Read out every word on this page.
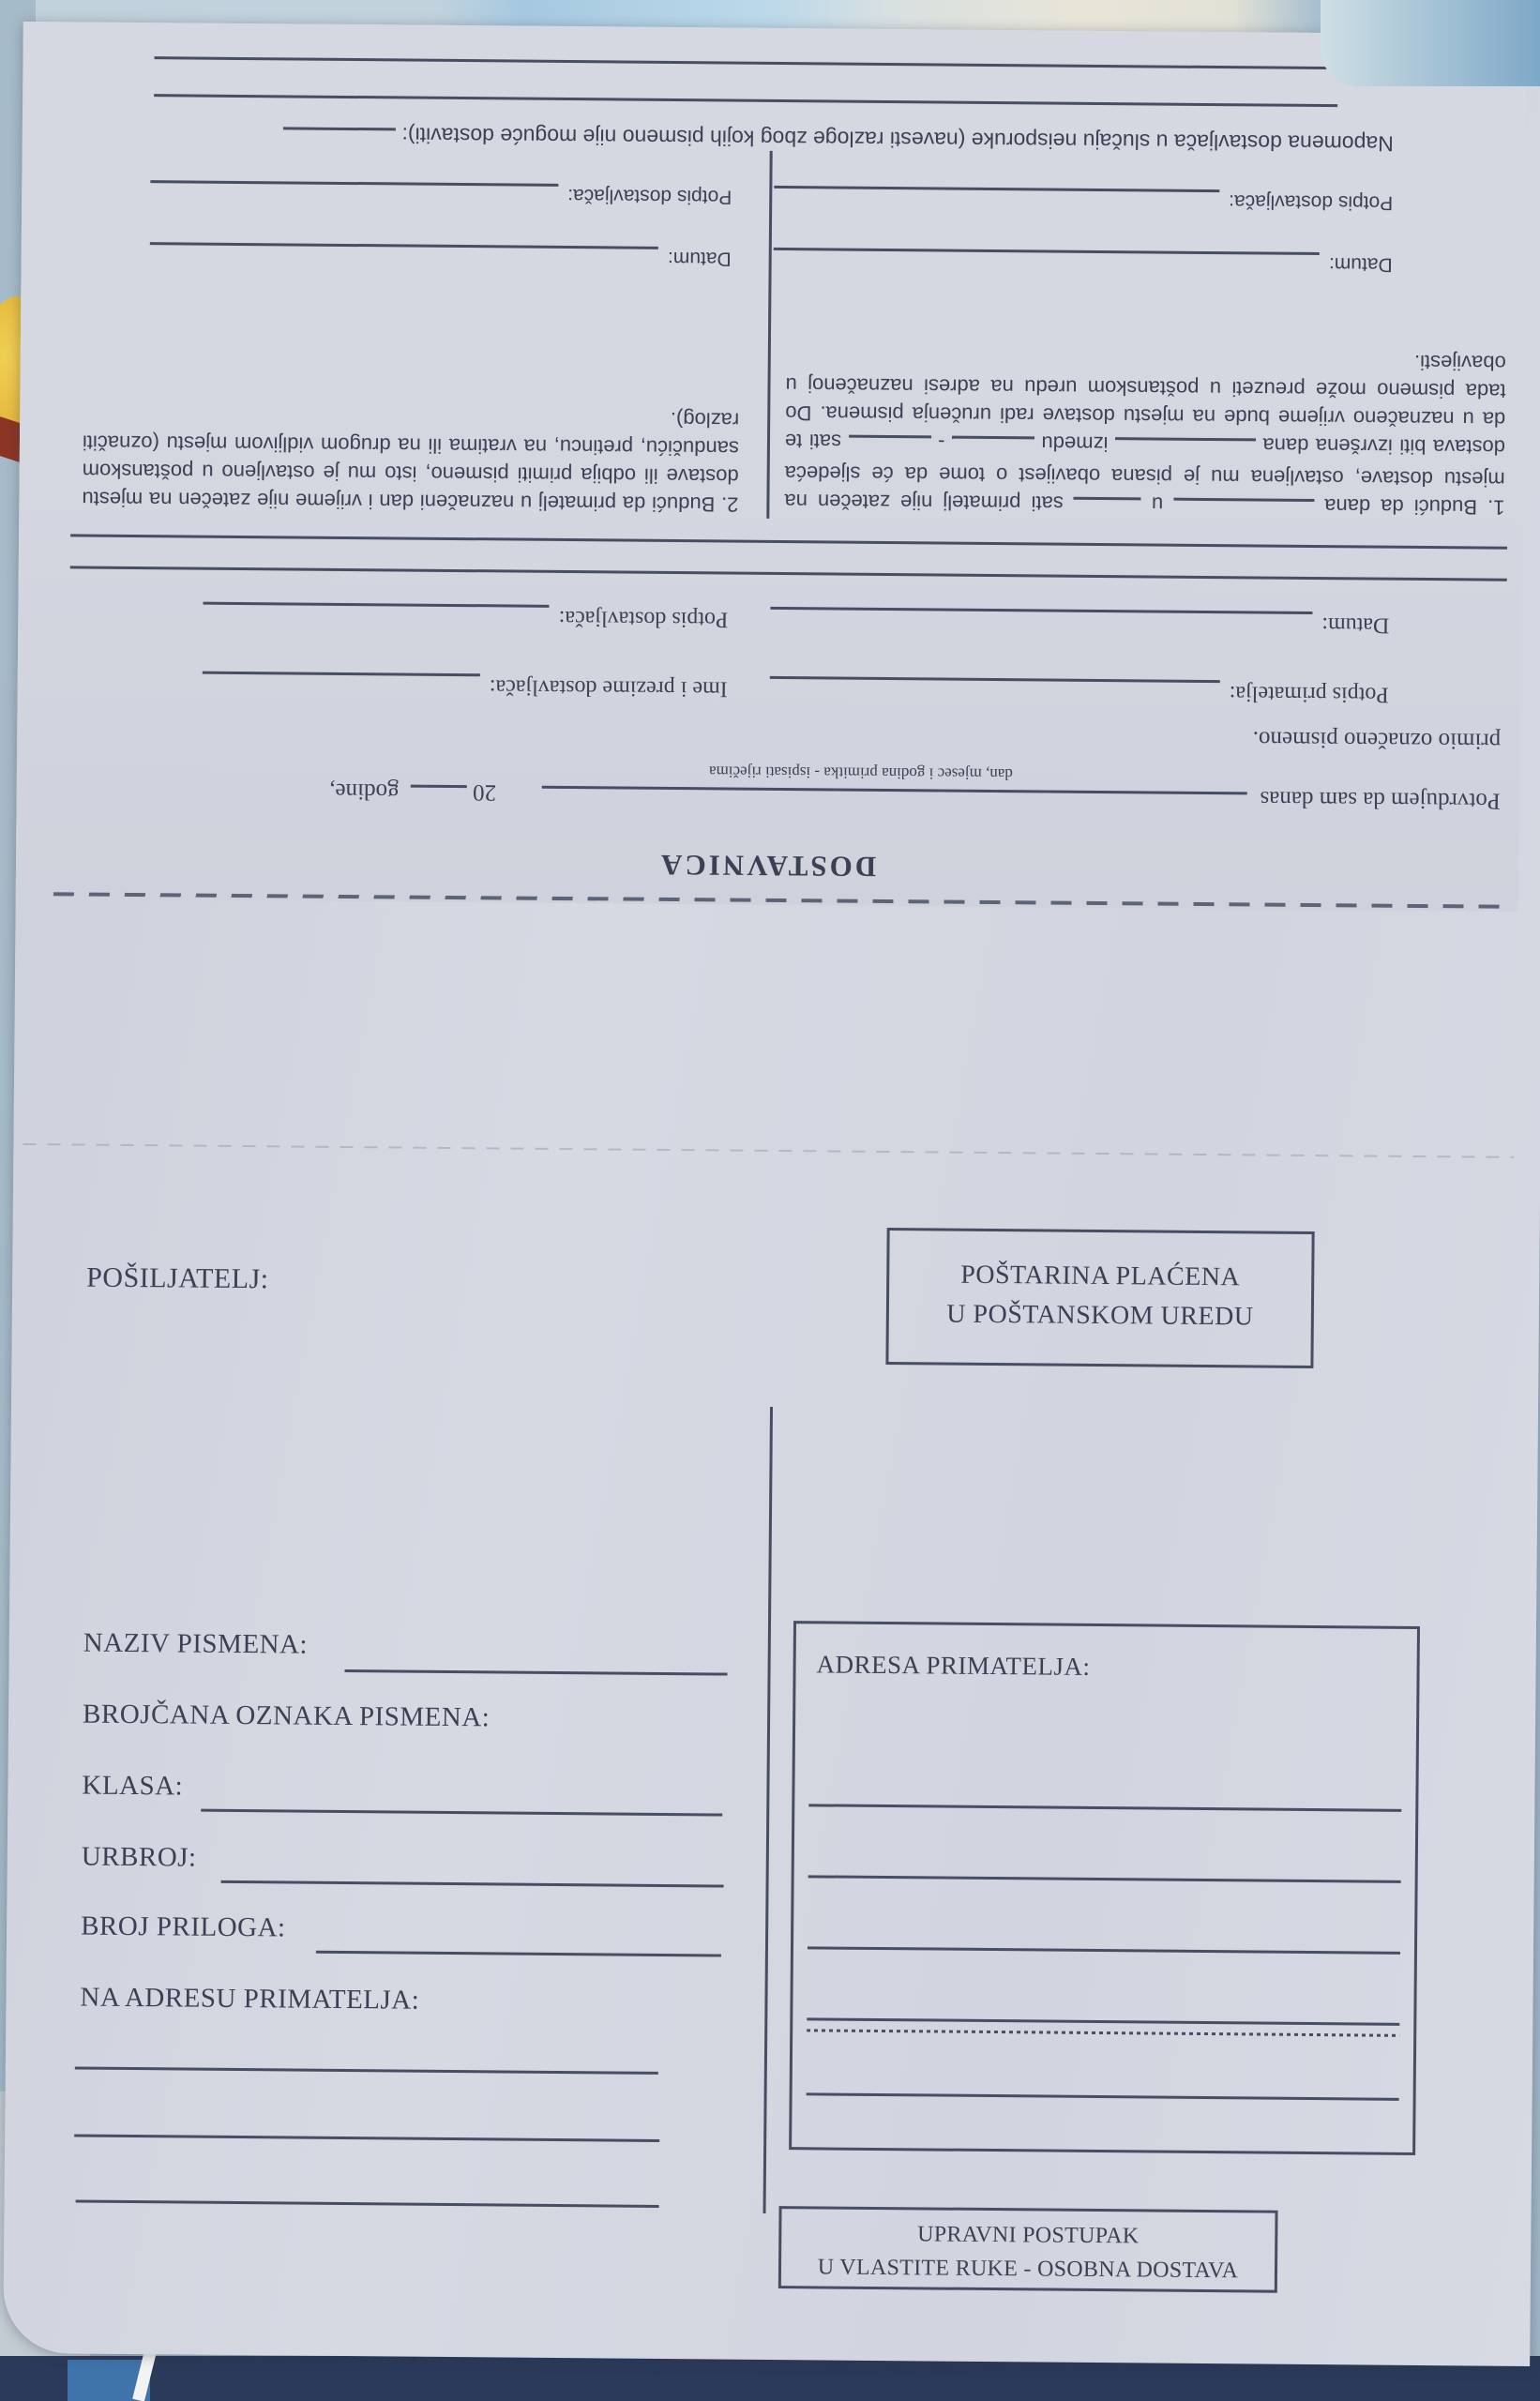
DOSTAVNICA
Potvrdujem da sam danas  20  godine,
dan, mjesec i godina primitka - ispisati riječima
primio označeno pismeno.
Potpis primatelja:
Ime i prezime dostavljača:
Datum:
Potpis dostavljača:
1. Budući da dana  u  sati primatelj nije zatečen na mjestu dostave, ostavljena mu je pisana obavijest o tome da će sljedeća dostava biti izvršena dana  izmedu  -  sati te da u naznačeno vrijeme bude na mjestu dostave radi uručenja pismena. Do tada pismeno može preuzeti u poštanskom uredu na adresi naznačenoj u obavijesti.
2. Budući da primatelj u naznačeni dan i vrijeme nije zatečen na mjestu dostave ili odbija primiti pismeno, isto mu je ostavljeno u poštanskom sandučiću, pretincu, na vratima ili na drugom vidljivom mjestu (označiti razlog).
Datum:
Datum:
Potpis dostavljača:
Potpis dostavljača:
Napomena dostavljača u slučaju neisporuke (navesti razloge zbog kojih pismeno nije moguće dostaviti):
POŠILJATELJ:	POŠTARINA PLAĆENA
U POŠTANSKOM UREDU
NAZIV PISMENA:
BROJČANA OZNAKA PISMENA:
KLASA:
URBROJ:
BROJ PRILOGA:
NA ADRESU PRIMATELJA:
ADRESA PRIMATELJA:
UPRAVNI POSTUPAK
U VLASTITE RUKE - OSOBNA DOSTAVA
